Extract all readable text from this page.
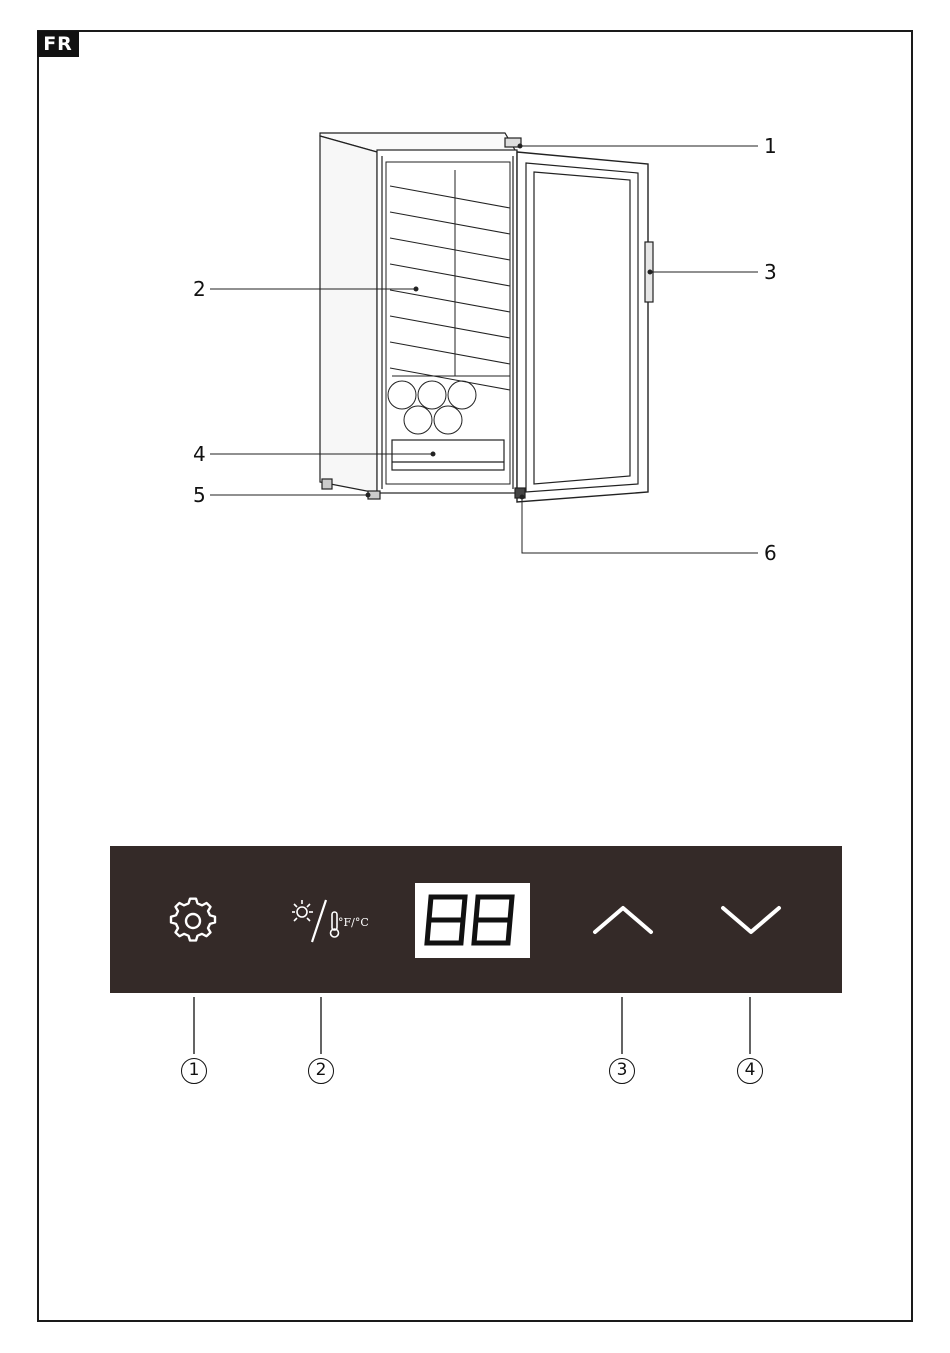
FR
1
2
3
4
5
6
°F/°C
1	2	3	4
